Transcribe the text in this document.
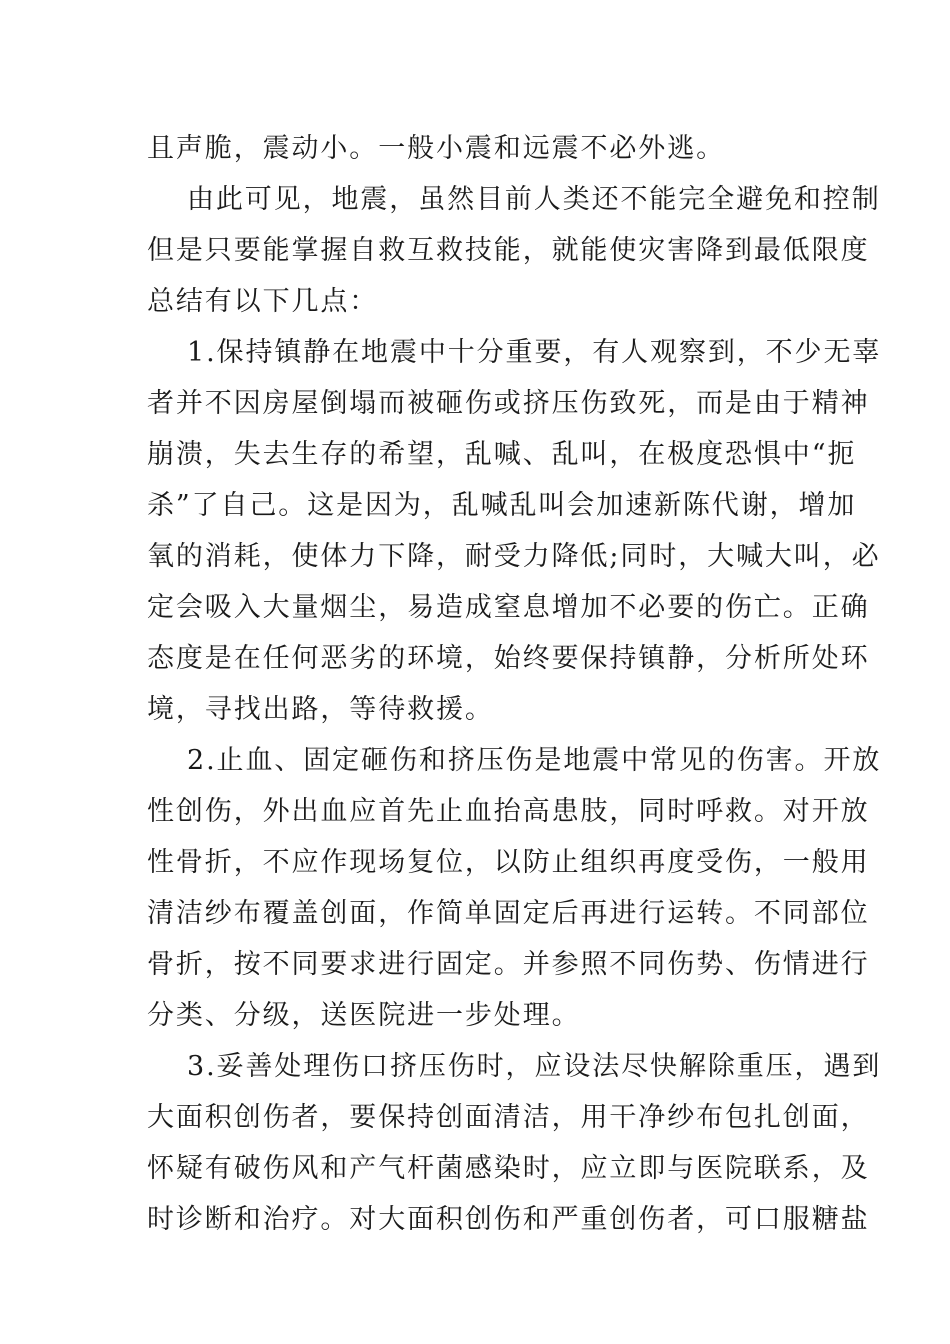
且声脆，震动小。一般小震和远震不必外逃。
由此可见，地震，虽然目前人类还不能完全避免和控制
但是只要能掌握自救互救技能，就能使灾害降到最低限度
总结有以下几点：
1.保持镇静在地震中十分重要，有人观察到，不少无辜
者并不因房屋倒塌而被砸伤或挤压伤致死，而是由于精神
崩溃，失去生存的希望，乱喊、乱叫，在极度恐惧中“扼
杀”了自己。这是因为，乱喊乱叫会加速新陈代谢，增加
氧的消耗，使体力下降，耐受力降低;同时，大喊大叫，必
定会吸入大量烟尘，易造成窒息增加不必要的伤亡。正确
态度是在任何恶劣的环境，始终要保持镇静，分析所处环
境，寻找出路，等待救援。
2.止血、固定砸伤和挤压伤是地震中常见的伤害。开放
性创伤，外出血应首先止血抬高患肢，同时呼救。对开放
性骨折，不应作现场复位，以防止组织再度受伤，一般用
清洁纱布覆盖创面，作简单固定后再进行运转。不同部位
骨折，按不同要求进行固定。并参照不同伤势、伤情进行
分类、分级，送医院进一步处理。
3.妥善处理伤口挤压伤时，应设法尽快解除重压，遇到
大面积创伤者，要保持创面清洁，用干净纱布包扎创面，
怀疑有破伤风和产气杆菌感染时，应立即与医院联系，及
时诊断和治疗。对大面积创伤和严重创伤者，可口服糖盐
